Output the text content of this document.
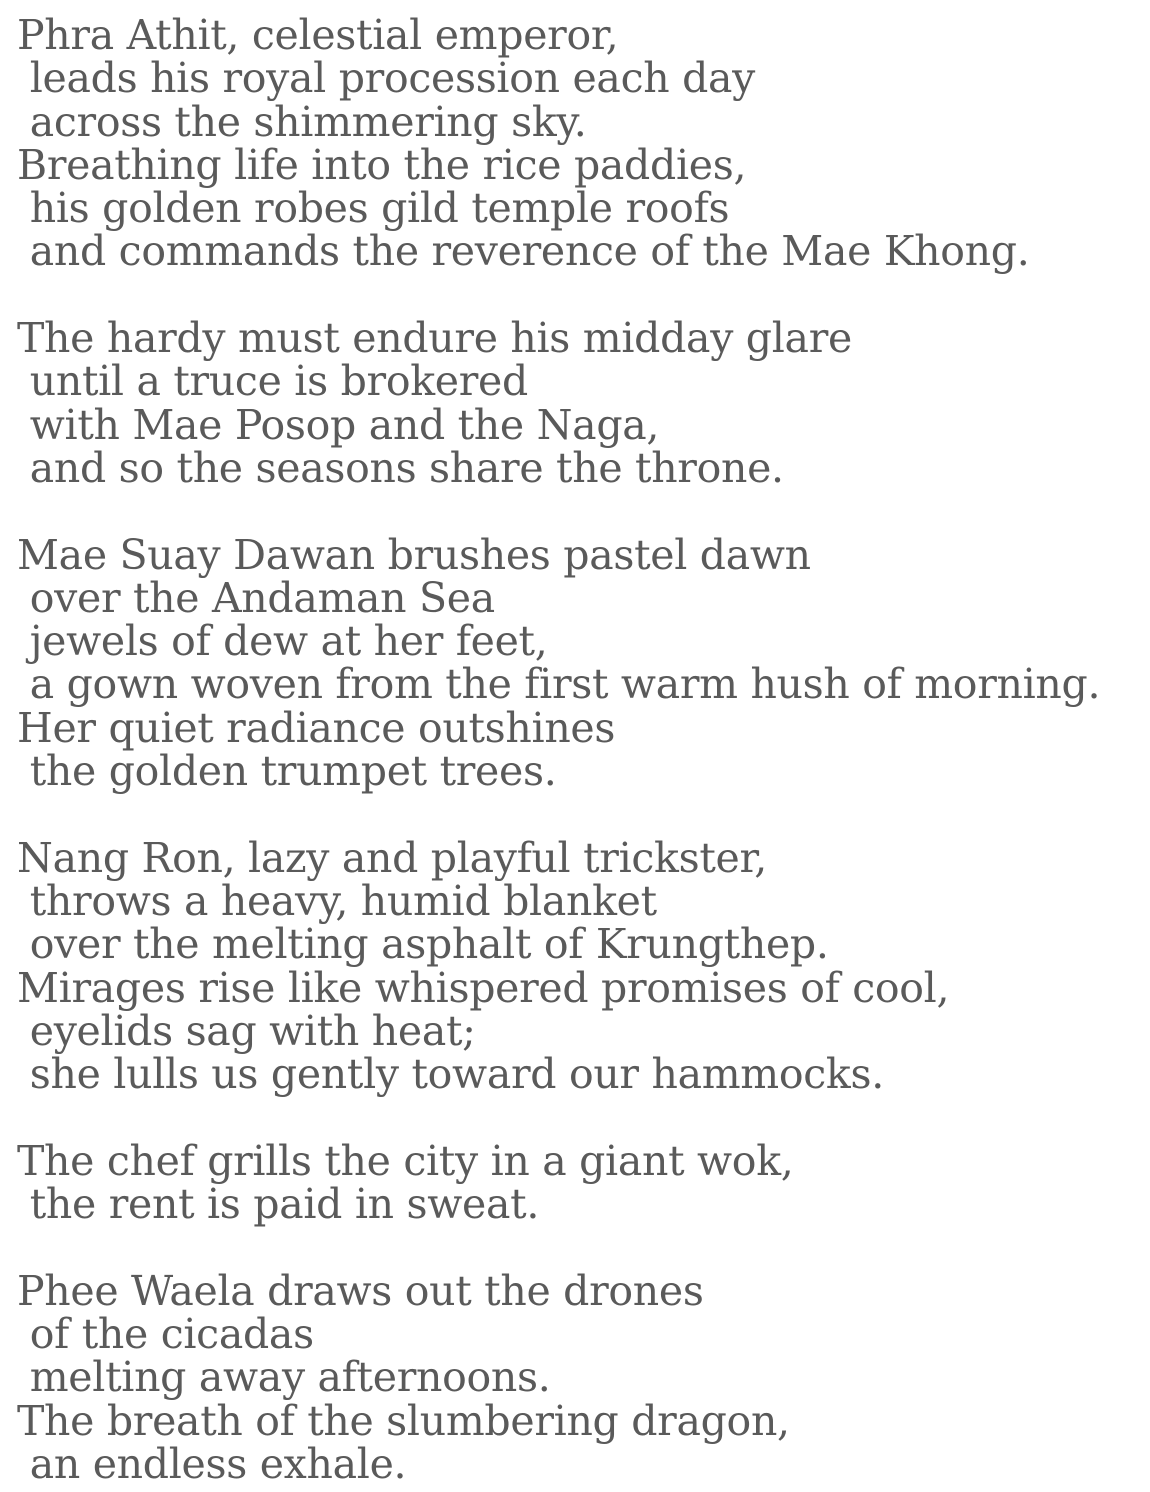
Phra Athit, celestial emperor,
leads his royal procession each day
across the shimmering sky.
Breathing life into the rice paddies,
his golden robes gild temple roofs
and commands the reverence of the Mae Khong.
The hardy must endure his midday glare
until a truce is brokered
with Mae Posop and the Naga,
and so the seasons share the throne.
Mae Suay Dawan brushes pastel dawn
over the Andaman Sea
jewels of dew at her feet,
a gown woven from the first warm hush of morning.
Her quiet radiance outshines
the golden trumpet trees.
Nang Ron, lazy and playful trickster,
throws a heavy, humid blanket
over the melting asphalt of Krungthep.
Mirages rise like whispered promises of cool,
eyelids sag with heat;
she lulls us gently toward our hammocks.
The chef grills the city in a giant wok,
the rent is paid in sweat.
Phee Waela draws out the drones
of the cicadas
melting away afternoons.
The breath of the slumbering dragon,
an endless exhale.
